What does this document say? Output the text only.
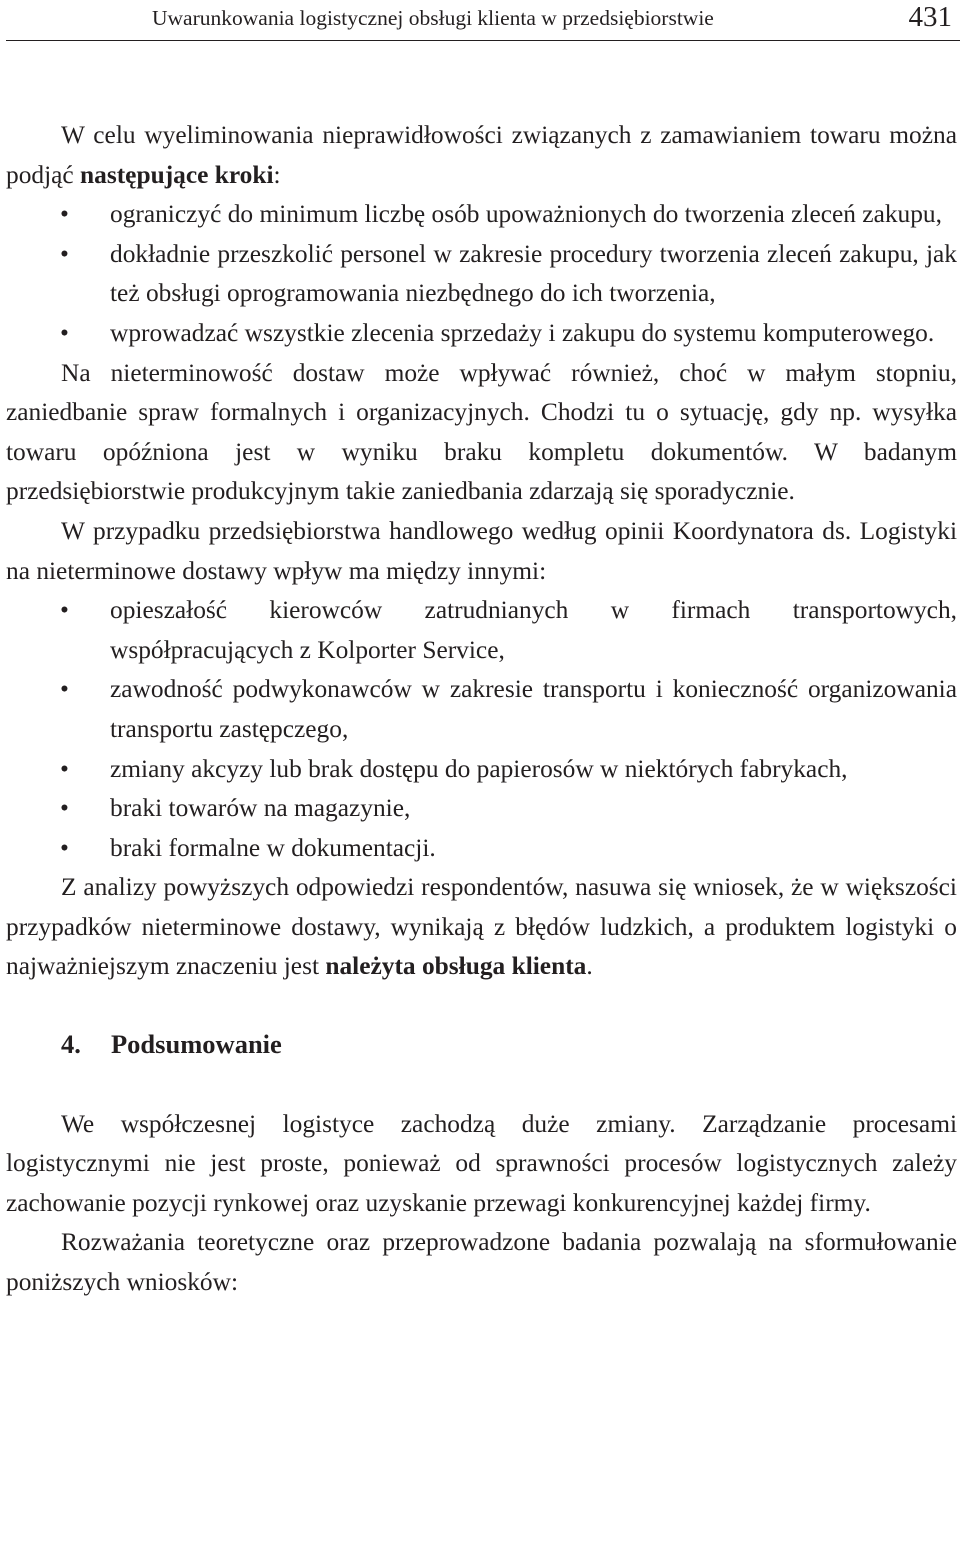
Uwarunkowania logistycznej obsługi klienta w przedsiębiorstwie	431

W celu wyeliminowania nieprawidłowości związanych z zamawianiem towaru można podjąć następujące kroki:

• ograniczyć do minimum liczbę osób upoważnionych do tworzenia zleceń zakupu,
• dokładnie przeszkolić personel w zakresie procedury tworzenia zleceń zakupu, jak też obsługi oprogramowania niezbędnego do ich tworzenia,
• wprowadzać wszystkie zlecenia sprzedaży i zakupu do systemu komputerowego.

Na nieterminowość dostaw może wpływać również, choć w małym stopniu, zaniedbanie spraw formalnych i organizacyjnych. Chodzi tu o sytuację, gdy np. wysyłka towaru opóźniona jest w wyniku braku kompletu dokumentów. W badanym przedsiębiorstwie produkcyjnym takie zaniedbania zdarzają się sporadycznie.

W przypadku przedsiębiorstwa handlowego według opinii Koordynatora ds. Logistyki na nieterminowe dostawy wpływ ma między innymi:

• opieszałość kierowców zatrudnianych w firmach transportowych, współpracujących z Kolporter Service,
• zawodność podwykonawców w zakresie transportu i konieczność organizowania transportu zastępczego,
• zmiany akcyzy lub brak dostępu do papierosów w niektórych fabrykach,
• braki towarów na magazynie,
• braki formalne w dokumentacji.

Z analizy powyższych odpowiedzi respondentów, nasuwa się wniosek, że w większości przypadków nieterminowe dostawy, wynikają z błędów ludzkich, a produktem logistyki o najważniejszym znaczeniu jest należyta obsługa klienta.

4. Podsumowanie

We współczesnej logistyce zachodzą duże zmiany. Zarządzanie procesami logistycznymi nie jest proste, ponieważ od sprawności procesów logistycznych zależy zachowanie pozycji rynkowej oraz uzyskanie przewagi konkurencyjnej każdej firmy.

Rozważania teoretyczne oraz przeprowadzone badania pozwalają na sformułowanie poniższych wniosków:
